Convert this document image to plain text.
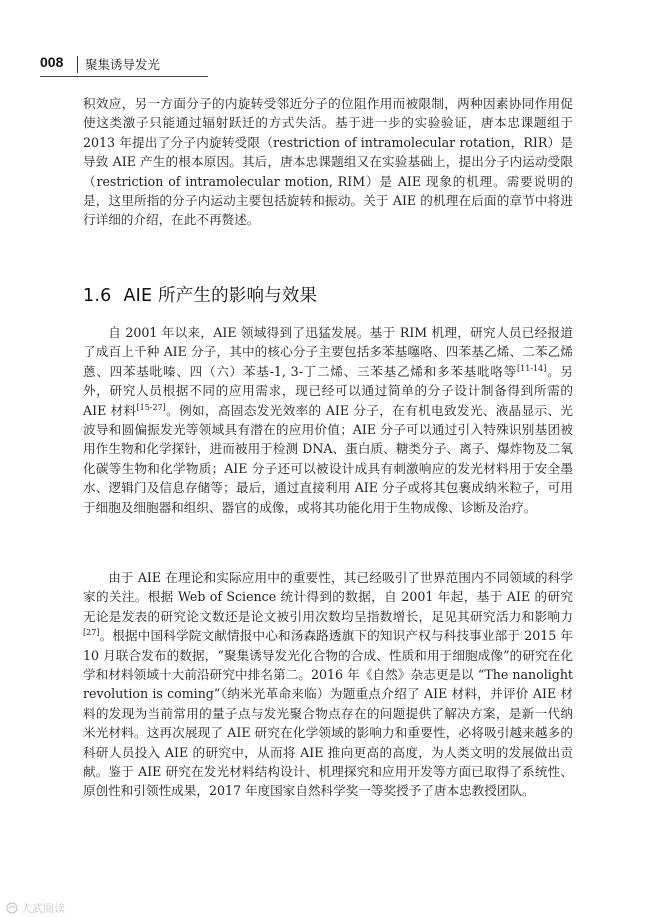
008 聚集诱导发光

积效应，另一方面分子的内旋转受邻近分子的位阻作用而被限制，两种因素协同作用促使这类激子只能通过辐射跃迁的方式失活。基于进一步的实验验证，唐本忠课题组于 2013 年提出了分子内旋转受限（restriction of intramolecular rotation，RIR）是导致 AIE 产生的根本原因。其后，唐本忠课题组又在实验基础上，提出分子内运动受限（restriction of intramolecular motion, RIM）是 AIE 现象的机理。需要说明的是，这里所指的分子内运动主要包括旋转和振动。关于 AIE 的机理在后面的章节中将进行详细的介绍，在此不再赘述。

1.6 AIE 所产生的影响与效果

自 2001 年以来，AIE 领域得到了迅猛发展。基于 RIM 机理，研究人员已经报道了成百上千种 AIE 分子，其中的核心分子主要包括多苯基噻咯、四苯基乙烯、二苯乙烯蒽、四苯基吡嗪、四（六）苯基-1, 3-丁二烯、三苯基乙烯和多苯基吡咯等[11-14]。另外，研究人员根据不同的应用需求，现已经可以通过简单的分子设计制备得到所需的 AIE 材料[15-27]。例如，高固态发光效率的 AIE 分子，在有机电致发光、液晶显示、光波导和圆偏振发光等领域具有潜在的应用价值；AIE 分子可以通过引入特殊识别基团被用作生物和化学探针，进而被用于检测 DNA、蛋白质、糖类分子、离子、爆炸物及二氧化碳等生物和化学物质；AIE 分子还可以被设计成具有刺激响应的发光材料用于安全墨水、逻辑门及信息存储等；最后，通过直接利用 AIE 分子或将其包裹成纳米粒子，可用于细胞及细胞器和组织、器官的成像，或将其功能化用于生物成像、诊断及治疗。

由于 AIE 在理论和实际应用中的重要性，其已经吸引了世界范围内不同领域的科学家的关注。根据 Web of Science 统计得到的数据，自 2001 年起，基于 AIE 的研究无论是发表的研究论文数还是论文被引用次数均呈指数增长，足见其研究活力和影响力[27]。根据中国科学院文献情报中心和汤森路透旗下的知识产权与科技事业部于 2015 年 10 月联合发布的数据，“聚集诱导发光化合物的合成、性质和用于细胞成像”的研究在化学和材料领域十大前沿研究中排名第二。2016 年《自然》杂志更是以 “The nanolight revolution is coming”（纳米光革命来临）为题重点介绍了 AIE 材料，并评价 AIE 材料的发现为当前常用的量子点与发光聚合物点存在的问题提供了解决方案，是新一代纳米光材料。这再次展现了 AIE 研究在化学领域的影响力和重要性，必将吸引越来越多的科研人员投入 AIE 的研究中，从而将 AIE 推向更高的高度，为人类文明的发展做出贡献。鉴于 AIE 研究在发光材料结构设计、机理探究和应用开发等方面已取得了系统性、原创性和引领性成果，2017 年度国家自然科学奖一等奖授予了唐本忠教授团队。

大武阅读
